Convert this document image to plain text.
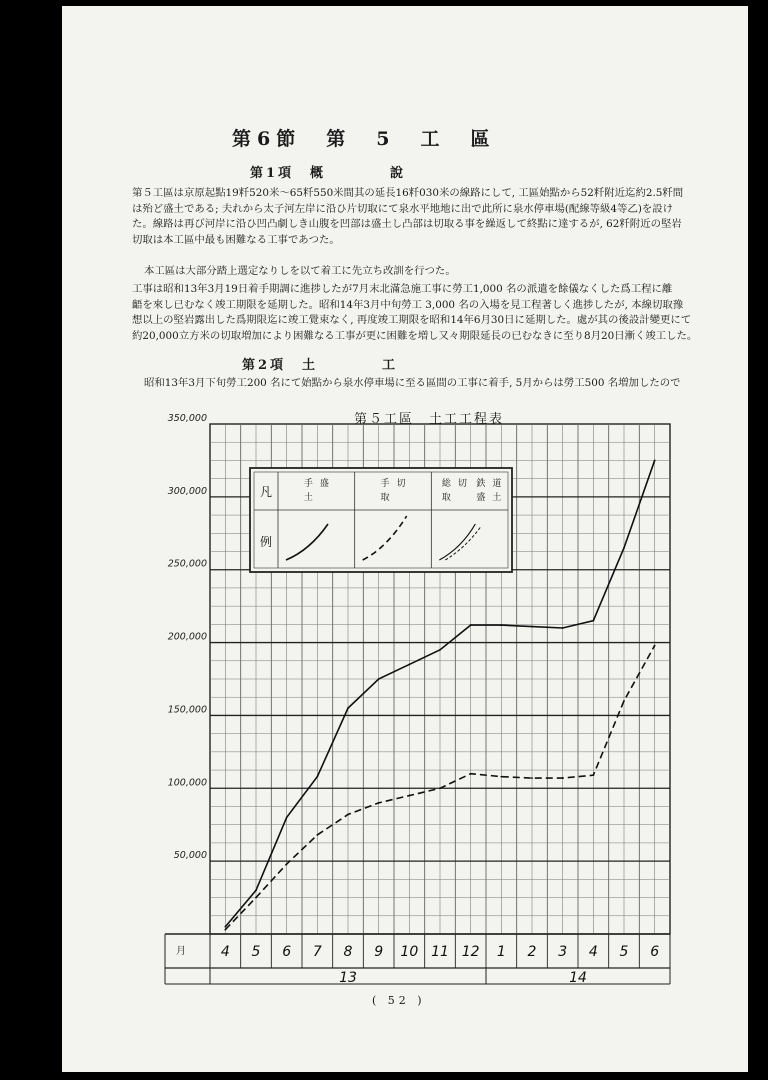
第6節　第　5　工　區
第1項　概　　　　說

第５工區は京原起點19粁520米～65粁550米間其の延長16粁030米の線路にして, 工區始點から52粁附近迄約2.5粁間
は殆ど盛土である; 夫れから太子河左岸に沿ひ片切取にて泉水平地地に出で此所に泉水停車場(配線等級4等乙)を設け
た。線路は再び河岸に沿ひ凹凸劇しき山腹を凹部は盛土し凸部は切取る事を繰返して終點に達するが, 62粁附近の堅岩
切取は本工區中最も困難なる工事であつた。

本工區は大部分踏上選定なりしを以て着工に先立ち改訓を行つた。

工事は昭和13年3月19日着手期調に進捗したが7月末北滿急施工事に勞工1,000 名の派遣を餘儀なくした爲工程に離
齬を來し已むなく竣工期限を延期した。昭和14年3月中旬勞工 3,000 名の入場を見工程著しく進捗したが, 本線切取豫
想以上の堅岩露出した爲期限迄に竣工覺束なく, 再度竣工期限を昭和14年6月30日に延期した。處が其の後設計變更にて
約20,000立方米の切取増加により困難なる工事が更に困難を増し又々期限延長の已むなきに至り8月20日漸く竣工した。

第2項　土　　　　工

昭和13年3月下旬勞工200 名にて始點から泉水停車場に至る區間の工事に着手, 5月からは勞工500 名増加したので

第５工區　土工工程表
350,000
300,000
250,000
200,000
150,000
100,000
50,000
月 4 5 6 7 8 9 10 11 12 1 2 3 4 5 6
13	14
凡
例
手 盛
土
手 切
取
総 切
取
鉄 道
盛 土
( 52 )
